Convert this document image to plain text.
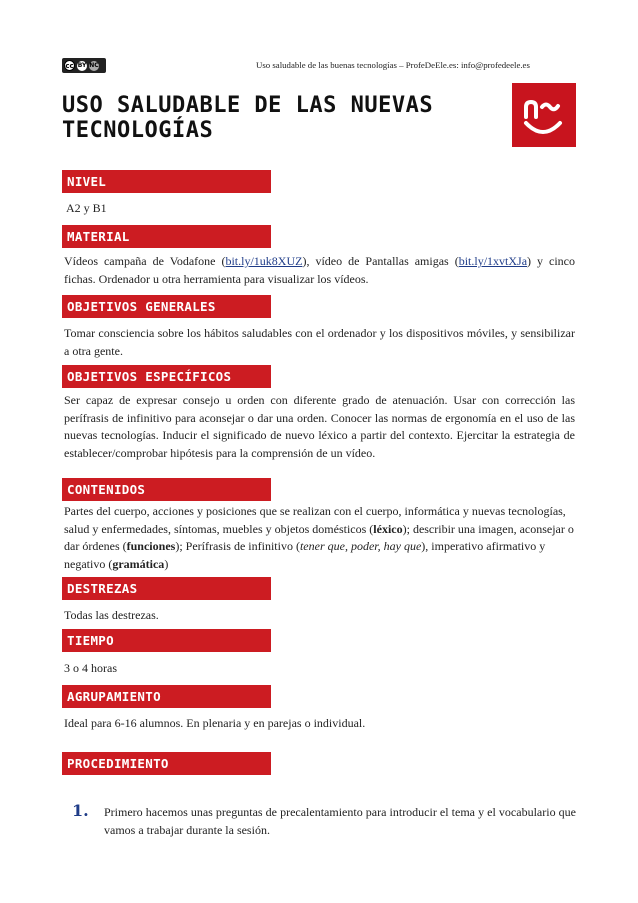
cc BY NC	Uso saludable de las buenas tecnologías – ProfeDeEle.es: info@profedeele.es
USO SALUDABLE DE LAS NUEVAS TECNOLOGÍAS
NIVEL

A2 y B1

MATERIAL

Vídeos campaña de Vodafone (bit.ly/1uk8XUZ), vídeo de Pantallas amigas (bit.ly/1xvtXJa) y cinco fichas. Ordenador u otra herramienta para visualizar los vídeos.

OBJETIVOS GENERALES

Tomar consciencia sobre los hábitos saludables con el ordenador y los dispositivos móviles, y sensibilizar a otra gente.

OBJETIVOS ESPECÍFICOS

Ser capaz de expresar consejo u orden con diferente grado de atenuación. Usar con corrección las perífrasis de infinitivo para aconsejar o dar una orden. Conocer las normas de ergonomía en el uso de las nuevas tecnologías. Inducir el significado de nuevo léxico a partir del contexto. Ejercitar la estrategia de establecer/comprobar hipótesis para la comprensión de un vídeo.

CONTENIDOS

Partes del cuerpo, acciones y posiciones que se realizan con el cuerpo, informática y nuevas tecnologías, salud y enfermedades, síntomas, muebles y objetos domésticos (léxico); describir una imagen, aconsejar o dar órdenes (funciones); Perífrasis de infinitivo (tener que, poder, hay que), imperativo afirmativo y negativo (gramática)

DESTREZAS

Todas las destrezas.

TIEMPO

3 o 4 horas

AGRUPAMIENTO

Ideal para 6-16 alumnos. En plenaria y en parejas o individual.

PROCEDIMIENTO
1. Primero hacemos unas preguntas de precalentamiento para introducir el tema y el vocabulario que vamos a trabajar durante la sesión.
